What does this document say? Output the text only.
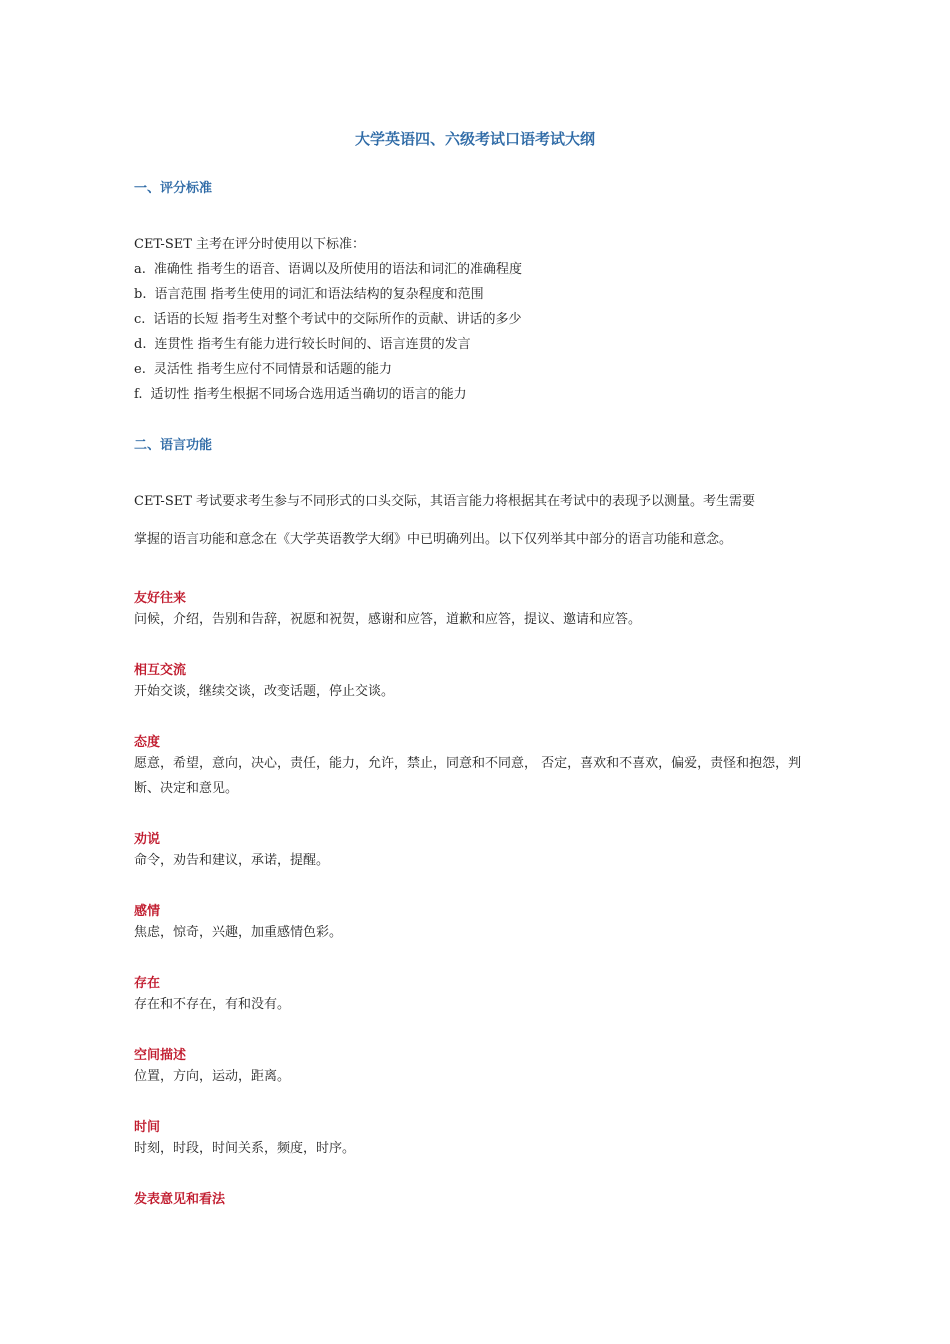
大学英语四、六级考试口语考试大纲
一、评分标准

CET-SET 主考在评分时使用以下标准：

a. 准确性 指考生的语音、语调以及所使用的语法和词汇的准确程度

b. 语言范围 指考生使用的词汇和语法结构的复杂程度和范围

c. 话语的长短 指考生对整个考试中的交际所作的贡献、讲话的多少

d. 连贯性 指考生有能力进行较长时间的、语言连贯的发言

e. 灵活性 指考生应付不同情景和话题的能力

f. 适切性 指考生根据不同场合选用适当确切的语言的能力

二、语言功能

CET-SET 考试要求考生参与不同形式的口头交际，其语言能力将根据其在考试中的表现予以测量。考生需要

掌握的语言功能和意念在《大学英语教学大纲》中已明确列出。以下仅列举其中部分的语言功能和意念。

友好往来

问候，介绍，告别和告辞，祝愿和祝贺，感谢和应答，道歉和应答，提议、邀请和应答。

相互交流

开始交谈，继续交谈，改变话题，停止交谈。

态度

愿意，希望，意向，决心，责任，能力，允许，禁止，同意和不同意， 否定，喜欢和不喜欢，偏爱，责怪和抱怨，判断、决定和意见。

劝说

命令，劝告和建议，承诺，提醒。

感情

焦虑，惊奇，兴趣，加重感情色彩。

存在

存在和不存在，有和没有。

空间描述

位置，方向，运动，距离。

时间

时刻，时段，时间关系，频度，时序。

发表意见和看法
